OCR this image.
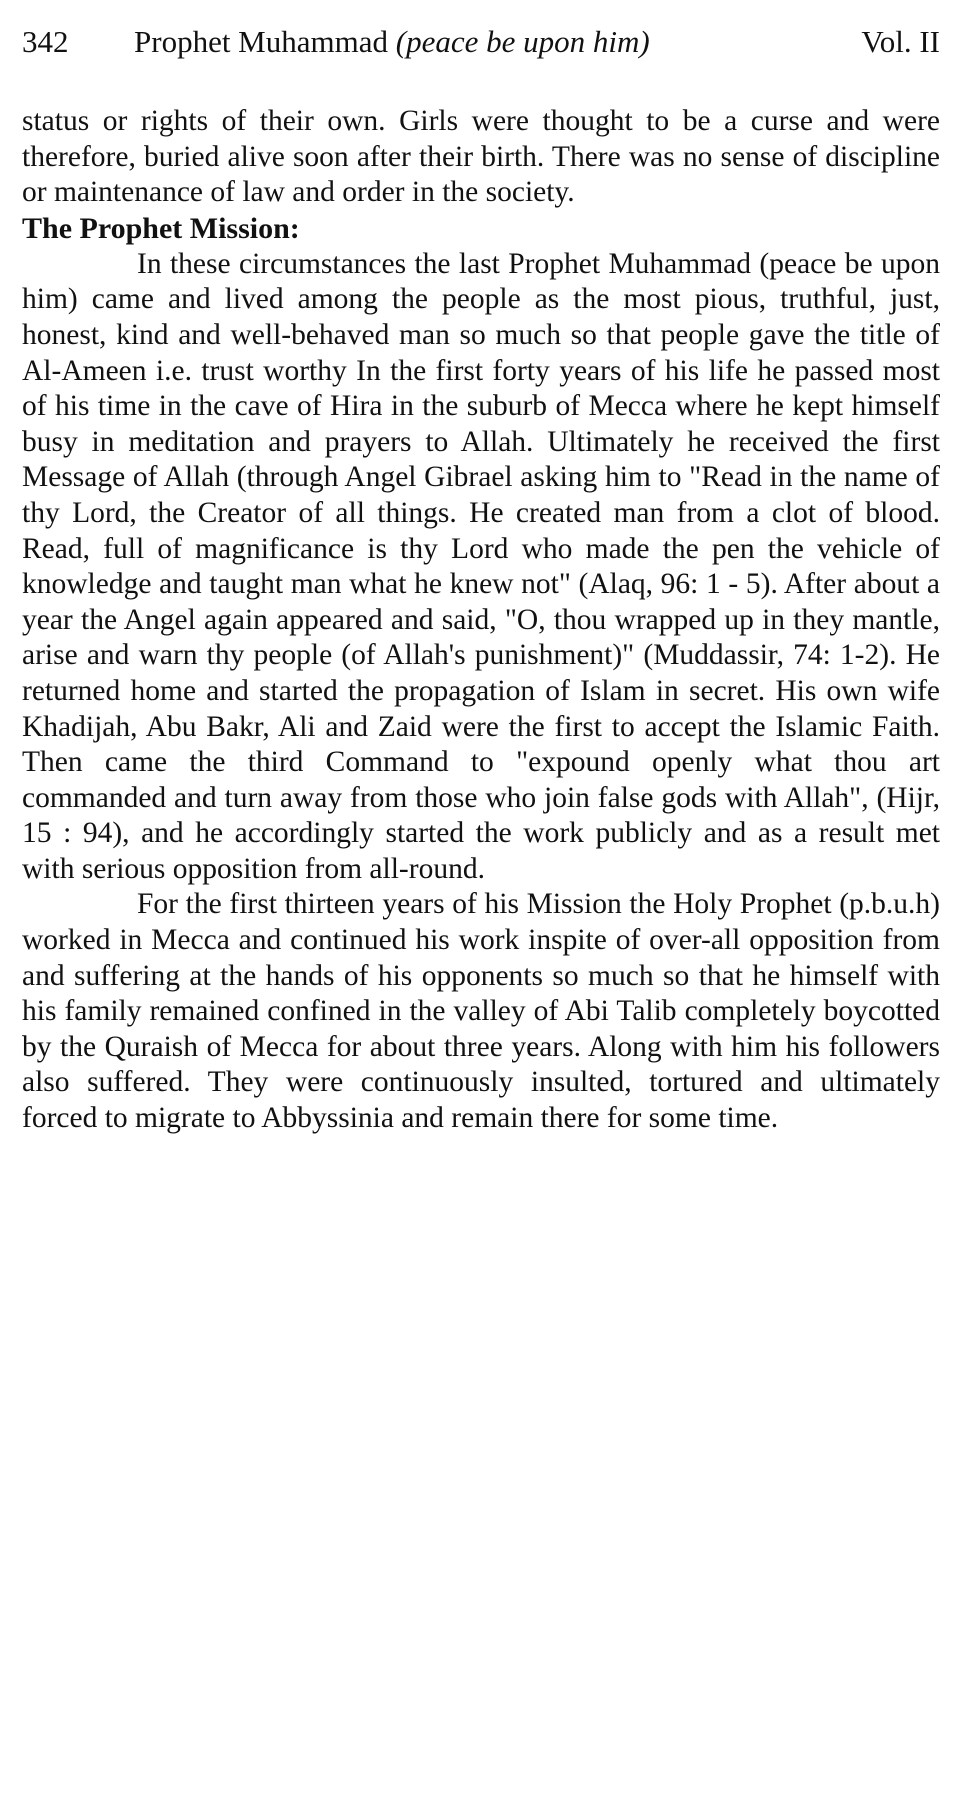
342 Prophet Muhammad (peace be upon him)	Vol. II

status or rights of their own. Girls were thought to be a curse and were therefore, buried alive soon after their birth. There was no sense of discipline or maintenance of law and order in the society.

The Prophet Mission:

In these circumstances the last Prophet Muhammad (peace be upon him) came and lived among the people as the most pious, truthful, just, honest, kind and well-behaved man so much so that people gave the title of Al-Ameen i.e. trust worthy In the first forty years of his life he passed most of his time in the cave of Hira in the suburb of Mecca where he kept himself busy in meditation and prayers to Allah. Ultimately he received the first Message of Allah (through Angel Gibrael asking him to "Read in the name of thy Lord, the Creator of all things. He created man from a clot of blood. Read, full of magnificance is thy Lord who made the pen the vehicle of knowledge and taught man what he knew not" (Alaq, 96: 1 - 5). After about a year the Angel again appeared and said, "O, thou wrapped up in they mantle, arise and warn thy people (of Allah's punishment)" (Muddassir, 74: 1-2). He returned home and started the propagation of Islam in secret. His own wife Khadijah, Abu Bakr, Ali and Zaid were the first to accept the Islamic Faith. Then came the third Command to "expound openly what thou art commanded and turn away from those who join false gods with Allah", (Hijr, 15 : 94), and he accordingly started the work publicly and as a result met with serious opposition from all-round.

For the first thirteen years of his Mission the Holy Prophet (p.b.u.h) worked in Mecca and continued his work inspite of over-all opposition from and suffering at the hands of his opponents so much so that he himself with his family remained confined in the valley of Abi Talib completely boycotted by the Quraish of Mecca for about three years. Along with him his followers also suffered. They were continuously insulted, tortured and ultimately forced to migrate to Abbyssinia and remain there for some time.
